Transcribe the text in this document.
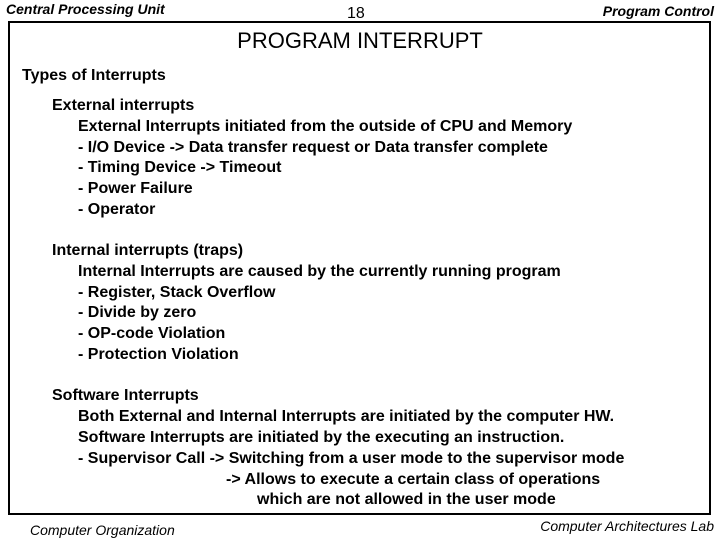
Central Processing Unit	18	Program Control
PROGRAM INTERRUPT
Types of Interrupts
External interrupts
External Interrupts initiated from the outside of CPU and Memory
- I/O Device -> Data transfer request or Data transfer complete
- Timing Device -> Timeout
- Power Failure
- Operator
Internal interrupts (traps)
Internal Interrupts are caused by the currently running program
- Register, Stack Overflow
- Divide by zero
- OP-code Violation
- Protection Violation
Software Interrupts
Both External and Internal Interrupts are initiated by the computer HW.
Software Interrupts are initiated by the executing an instruction.
- Supervisor Call -> Switching from a user mode to the supervisor mode
-> Allows to execute a certain class of operations
which are not allowed in the user mode
Computer Organization	Computer Architectures Lab
